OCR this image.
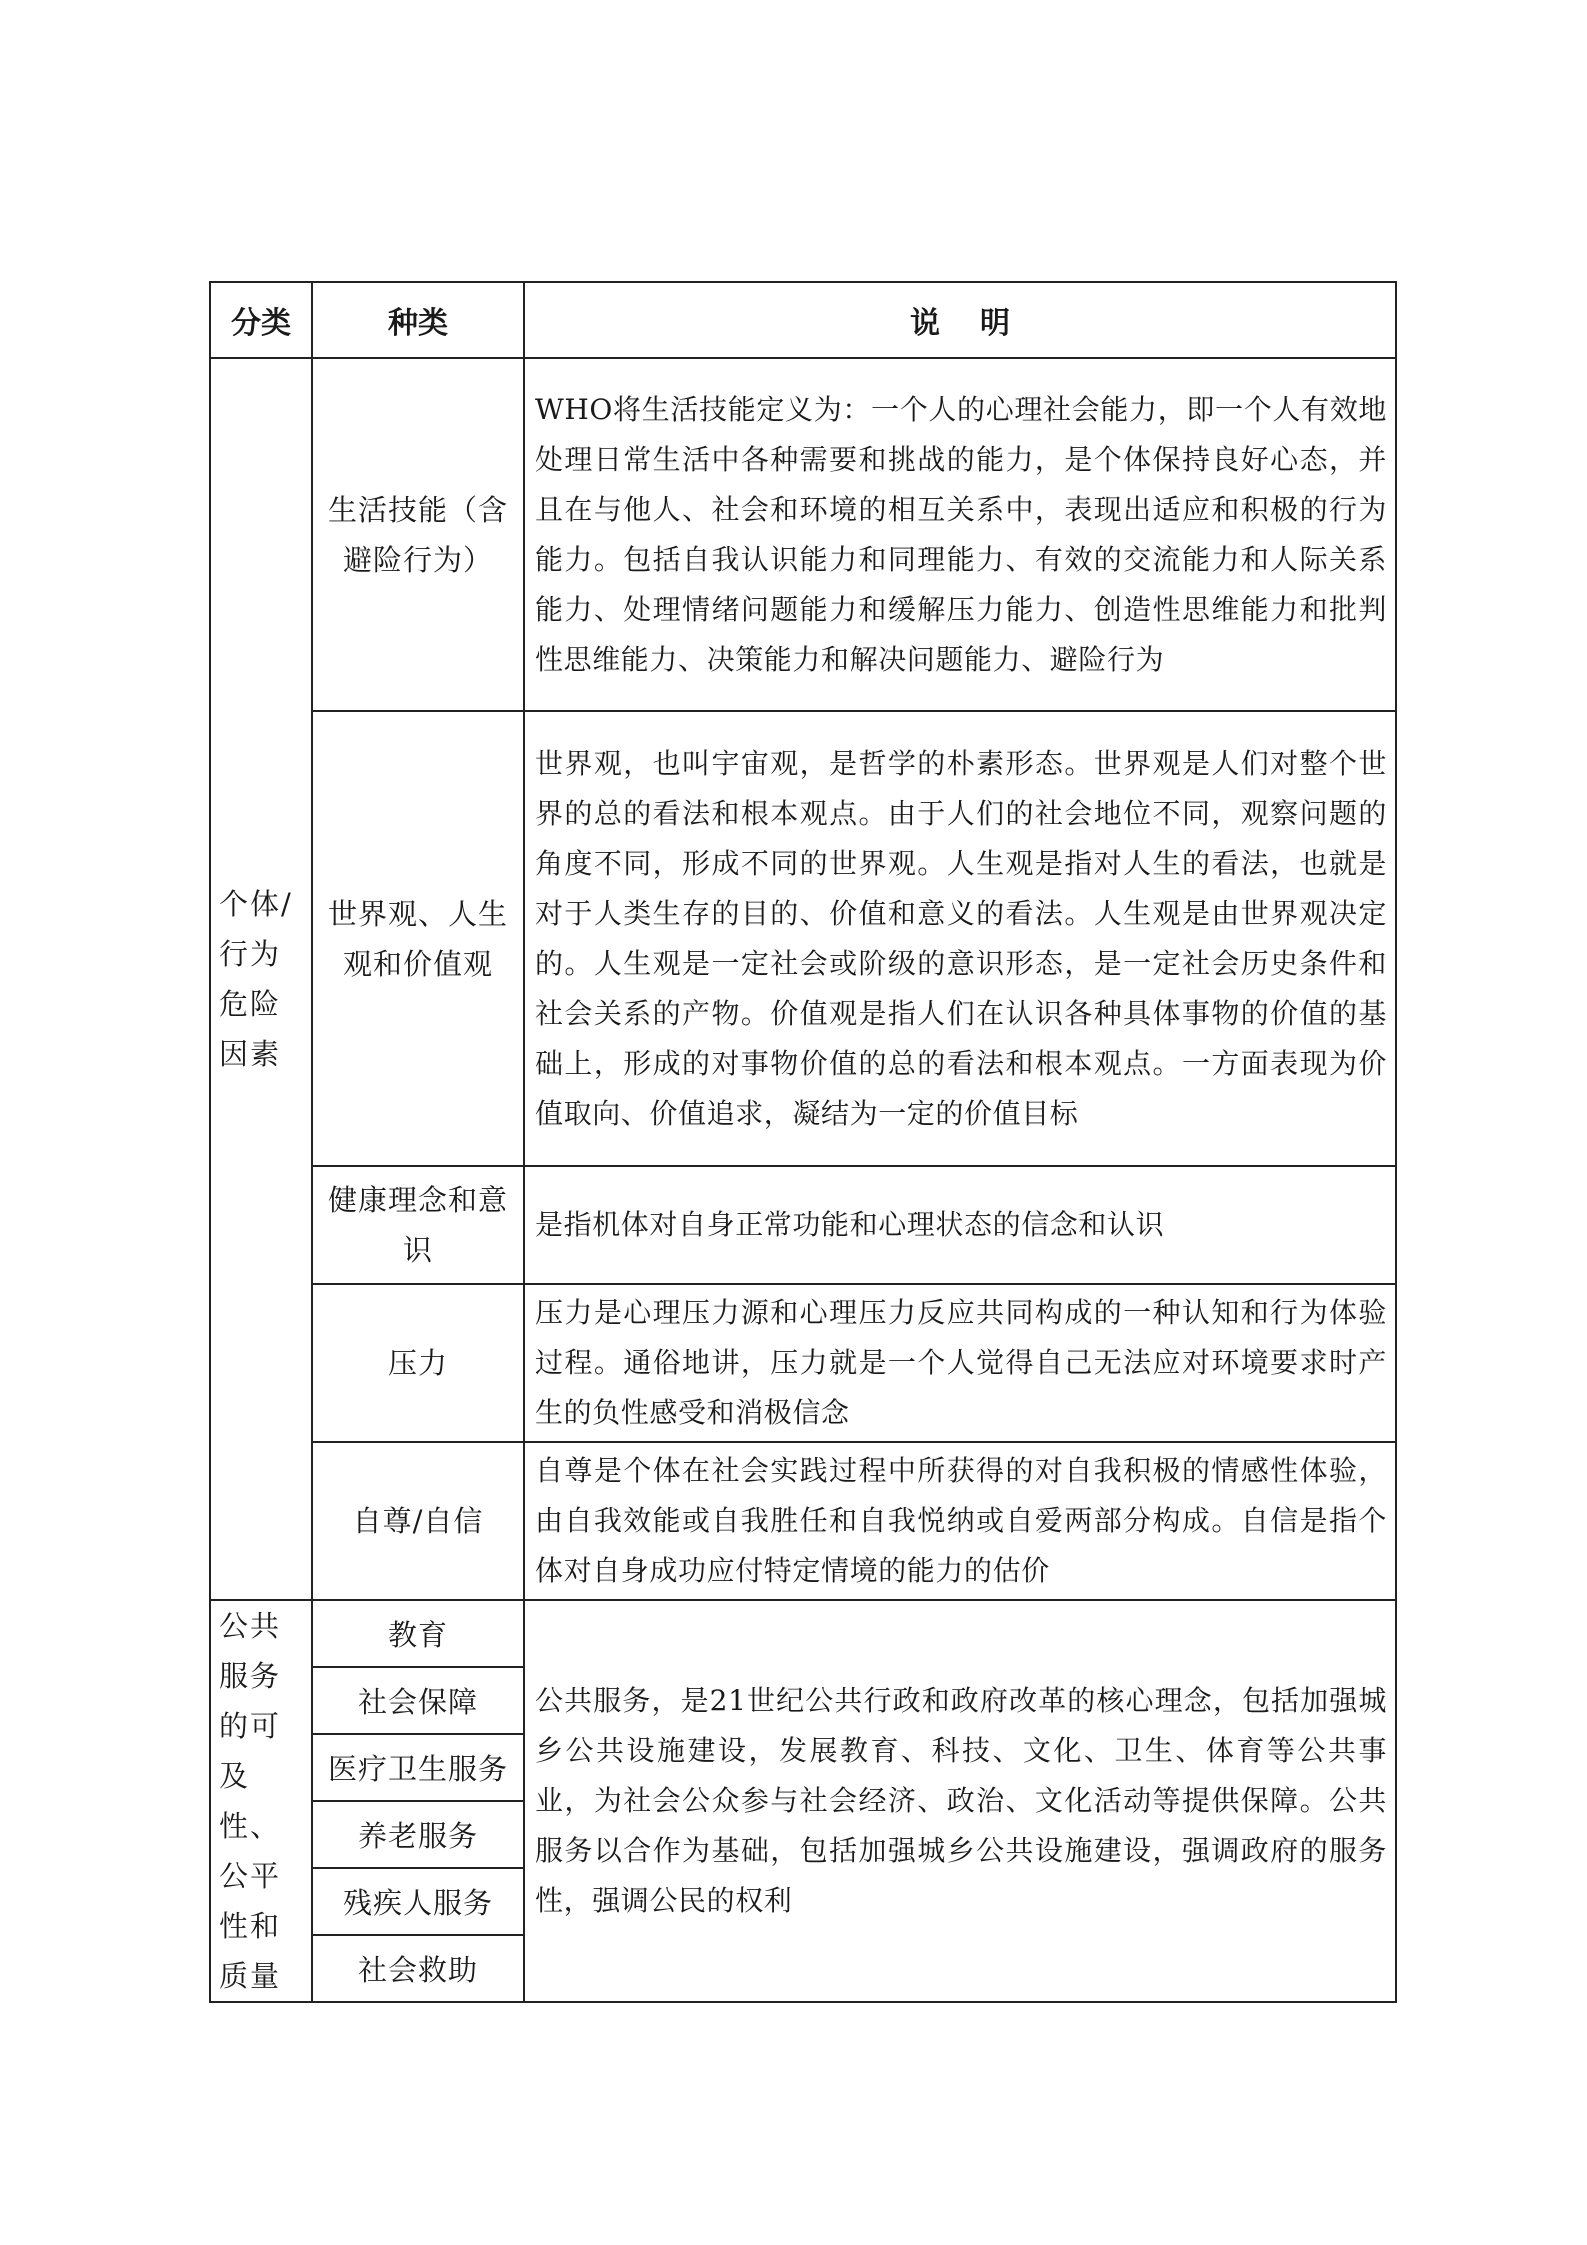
分类	种类	说明
个体/行为危险因素	生活技能（含避险行为）	WHO将生活技能定义为：一个人的心理社会能力，即一个人有效地处理日常生活中各种需要和挑战的能力，是个体保持良好心态，并且在与他人、社会和环境的相互关系中，表现出适应和积极的行为能力。包括自我认识能力和同理能力、有效的交流能力和人际关系能力、处理情绪问题能力和缓解压力能力、创造性思维能力和批判性思维能力、决策能力和解决问题能力、避险行为
	世界观、人生观和价值观	世界观，也叫宇宙观，是哲学的朴素形态。世界观是人们对整个世界的总的看法和根本观点。由于人们的社会地位不同，观察问题的角度不同，形成不同的世界观。人生观是指对人生的看法，也就是对于人类生存的目的、价值和意义的看法。人生观是由世界观决定的。人生观是一定社会或阶级的意识形态，是一定社会历史条件和社会关系的产物。价值观是指人们在认识各种具体事物的价值的基础上，形成的对事物价值的总的看法和根本观点。一方面表现为价值取向、价值追求，凝结为一定的价值目标
	健康理念和意识	是指机体对自身正常功能和心理状态的信念和认识
	压力	压力是心理压力源和心理压力反应共同构成的一种认知和行为体验过程。通俗地讲，压力就是一个人觉得自己无法应对环境要求时产生的负性感受和消极信念
	自尊/自信	自尊是个体在社会实践过程中所获得的对自我积极的情感性体验，由自我效能或自我胜任和自我悦纳或自爱两部分构成。自信是指个体对自身成功应付特定情境的能力的估价
公共服务的可及性、公平性和质量	教育	公共服务，是21世纪公共行政和政府改革的核心理念，包括加强城乡公共设施建设，发展教育、科技、文化、卫生、体育等公共事业，为社会公众参与社会经济、政治、文化活动等提供保障。公共服务以合作为基础，包括加强城乡公共设施建设，强调政府的服务性，强调公民的权利
	社会保障	
	医疗卫生服务	
	养老服务	
	残疾人服务	
	社会救助	
